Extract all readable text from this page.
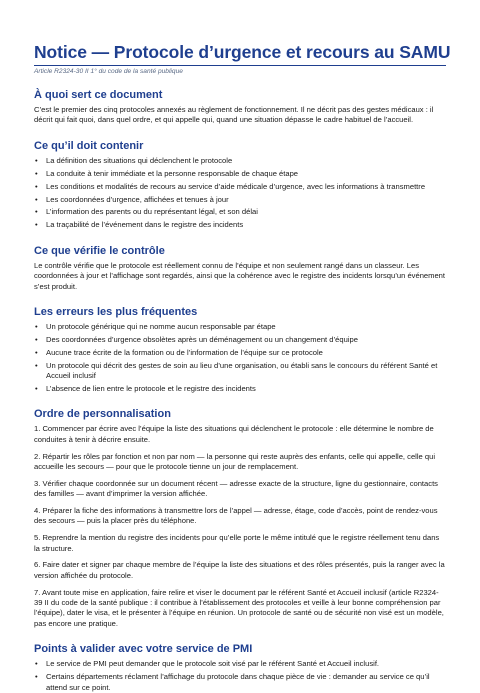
Notice — Protocole d’urgence et recours au SAMU
Article R2324-30 II 1° du code de la santé publique
À quoi sert ce document

C’est le premier des cinq protocoles annexés au règlement de fonctionnement. Il ne décrit pas des gestes médicaux : il décrit qui fait quoi, dans quel ordre, et qui appelle qui, quand une situation dépasse le cadre habituel de l’accueil.

Ce qu’il doit contenir
• La définition des situations qui déclenchent le protocole
• La conduite à tenir immédiate et la personne responsable de chaque étape
• Les conditions et modalités de recours au service d’aide médicale d’urgence, avec les informations à transmettre
• Les coordonnées d’urgence, affichées et tenues à jour
• L’information des parents ou du représentant légal, et son délai
• La traçabilité de l’événement dans le registre des incidents
Ce que vérifie le contrôle

Le contrôle vérifie que le protocole est réellement connu de l’équipe et non seulement rangé dans un classeur. Les coordonnées à jour et l’affichage sont regardés, ainsi que la cohérence avec le registre des incidents lorsqu’un événement s’est produit.

Les erreurs les plus fréquentes
• Un protocole générique qui ne nomme aucun responsable par étape
• Des coordonnées d’urgence obsolètes après un déménagement ou un changement d’équipe
• Aucune trace écrite de la formation ou de l’information de l’équipe sur ce protocole
• Un protocole qui décrit des gestes de soin au lieu d’une organisation, ou établi sans le concours du référent Santé et Accueil inclusif
• L’absence de lien entre le protocole et le registre des incidents
Ordre de personnalisation
1. Commencer par écrire avec l’équipe la liste des situations qui déclenchent le protocole : elle détermine le nombre de conduites à tenir à décrire ensuite.
2. Répartir les rôles par fonction et non par nom — la personne qui reste auprès des enfants, celle qui appelle, celle qui accueille les secours — pour que le protocole tienne un jour de remplacement.
3. Vérifier chaque coordonnée sur un document récent — adresse exacte de la structure, ligne du gestionnaire, contacts des familles — avant d’imprimer la version affichée.
4. Préparer la fiche des informations à transmettre lors de l’appel — adresse, étage, code d’accès, point de rendez-vous des secours — puis la placer près du téléphone.
5. Reprendre la mention du registre des incidents pour qu’elle porte le même intitulé que le registre réellement tenu dans la structure.
6. Faire dater et signer par chaque membre de l’équipe la liste des situations et des rôles présentés, puis la ranger avec la version affichée du protocole.
7. Avant toute mise en application, faire relire et viser le document par le référent Santé et Accueil inclusif (article R2324-39 II du code de la santé publique : il contribue à l’établissement des protocoles et veille à leur bonne compréhension par l’équipe), dater le visa, et le présenter à l’équipe en réunion. Un protocole de santé ou de sécurité non visé est un modèle, pas encore une pratique.
Points à valider avec votre service de PMI
• Le service de PMI peut demander que le protocole soit visé par le référent Santé et Accueil inclusif.
• Certains départements réclament l’affichage du protocole dans chaque pièce de vie : demander au service ce qu’il attend sur ce point.
